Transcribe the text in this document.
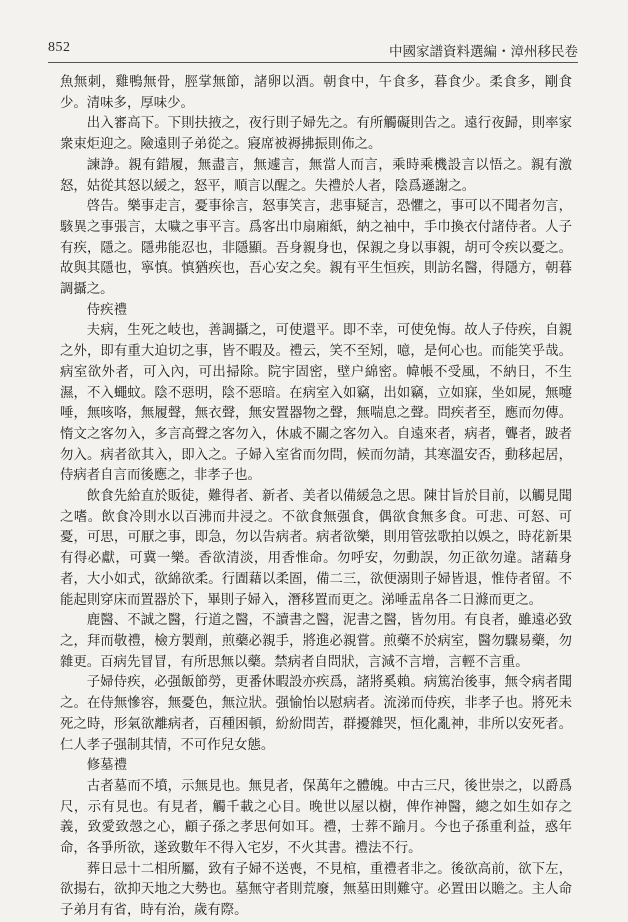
852	中國家譜資料選編・漳州移民卷

魚無刺，雞鴨無骨，脛掌無節，諸卵以酒。朝食中，午食多，暮食少。柔食多，剛食少。清味多，厚味少。

出入審高下。下則扶掖之，夜行則子婦先之。有所觸礙則告之。遠行夜歸，則率家衆束炬迎之。險遠則子弟從之。寢席被褥拂振則佈之。

諫諍。親有錯履，無盡言，無遽言，無當人而言，乘時乘機設言以悟之。親有激怒，姑從其怒以緩之，怒平，順言以醒之。失禮於人者，陰爲遜謝之。

啓告。樂事走言，憂事徐言，怒事笑言，悲事疑言，恐懼之，事可以不聞者勿言，駭異之事張言，太噦之事平言。爲客出巾扇廂紙，納之袖中，手巾換衣付諸侍者。人子有疾，隱之。隱弗能忍也，非隱顯。吾身親身也，保親之身以事親，胡可令疾以憂之。故與其隱也，寧慎。慎猶疾也，吾心安之矣。親有平生恒疾，則訪名醫，得隱方，朝暮調攝之。

侍疾禮

夫病，生死之岐也，善調攝之，可使還平。即不幸，可使免悔。故人子侍疾，自親之外，即有重大迫切之事，皆不暇及。禮云，笑不至矧，噫，是何心也。而能笑乎哉。病室欲外者，可入內，可出掃除。院宇固密，壁户綿密。幃帳不受風，不納日，不生濕，不入蠅蚊。陰不惡明，陰不惡暗。在病室入如竊，出如竊，立如寐，坐如屍，無嚏唾，無咳咯，無履聲，無衣聲，無安置器物之聲，無喘息之聲。問疾者至，應而勿傳。惰文之客勿入，多言高聲之客勿入，休戚不關之客勿入。自遠來者，病者，聾者，跛者勿入。病者欲其入，即入之。子婦入室省而勿問，候而勿請，其寒溫安否，動移起居，侍病者自言而後應之，非孝子也。

飲食先給直於販徒，難得者、新者、美者以備緩急之思。陳甘旨於目前，以觸見聞之嗜。飲食冷則水以百沸而井浸之。不欲食無强食，偶欲食無多食。可悲、可怒、可憂，可思，可厭之事，即急，勿以告病者。病者欲樂，則用管弦歌拍以娛之，時花新果有得必獻，可冀一樂。香欲清淡，用香惟命。勿呼安，勿動誤，勿正欲勿違。諸藉身者，大小如式，欲綿欲柔。行圊藉以柔圄，備二三，欲便溺則子婦皆退，惟侍者留。不能起則穿床而置器於下，畢則子婦入，潛移置而更之。涕唾盂帛各二日滌而更之。

鹿醫、不誠之醫，行道之醫，不讀書之醫，泥書之醫，皆勿用。有良者，雖遠必致之，拜而敬禮，檢方製劑，煎藥必親手，將進必親嘗。煎藥不於病室，醫勿驟易藥，勿雜更。百病先冒冒，有所思無以藥。禁病者自問狀，言減不言增，言輕不言重。

子婦侍疾，必强飯節勞，更番休暇設亦疾爲，諸將奚賴。病篤治後事，無令病者聞之。在侍無慘容，無憂色，無泣狀。强愉怡以慰病者。流涕而侍疾，非孝子也。將死未死之時，形氣欲離病者，百種困頓，紛紛問苦，群擾雜哭，恒化亂神，非所以安死者。仁人孝子强制其情，不可作兒女態。

修墓禮

古者墓而不墳，示無見也。無見者，保萬年之體魄。中古三尺，後世崇之，以爵爲尺，示有見也。有見者，觸千載之心目。晚世以屋以樹，俾作神醫，總之如生如存之義，致愛致愨之心，顧子孫之孝思何如耳。禮，士葬不踰月。今也子孫重利益，惑年命，各爭所欲，遂致數年不得入宅岁，不火其書。禮法不行。

葬日忌十二相所屬，致有子婦不送喪，不見棺，重禮者非之。後欲高前，欲下左，欲揚右，欲抑天地之大勢也。墓無守者則荒廢，無墓田則難守。必置田以贍之。主人命子弟月有省，時有治，歲有際。
